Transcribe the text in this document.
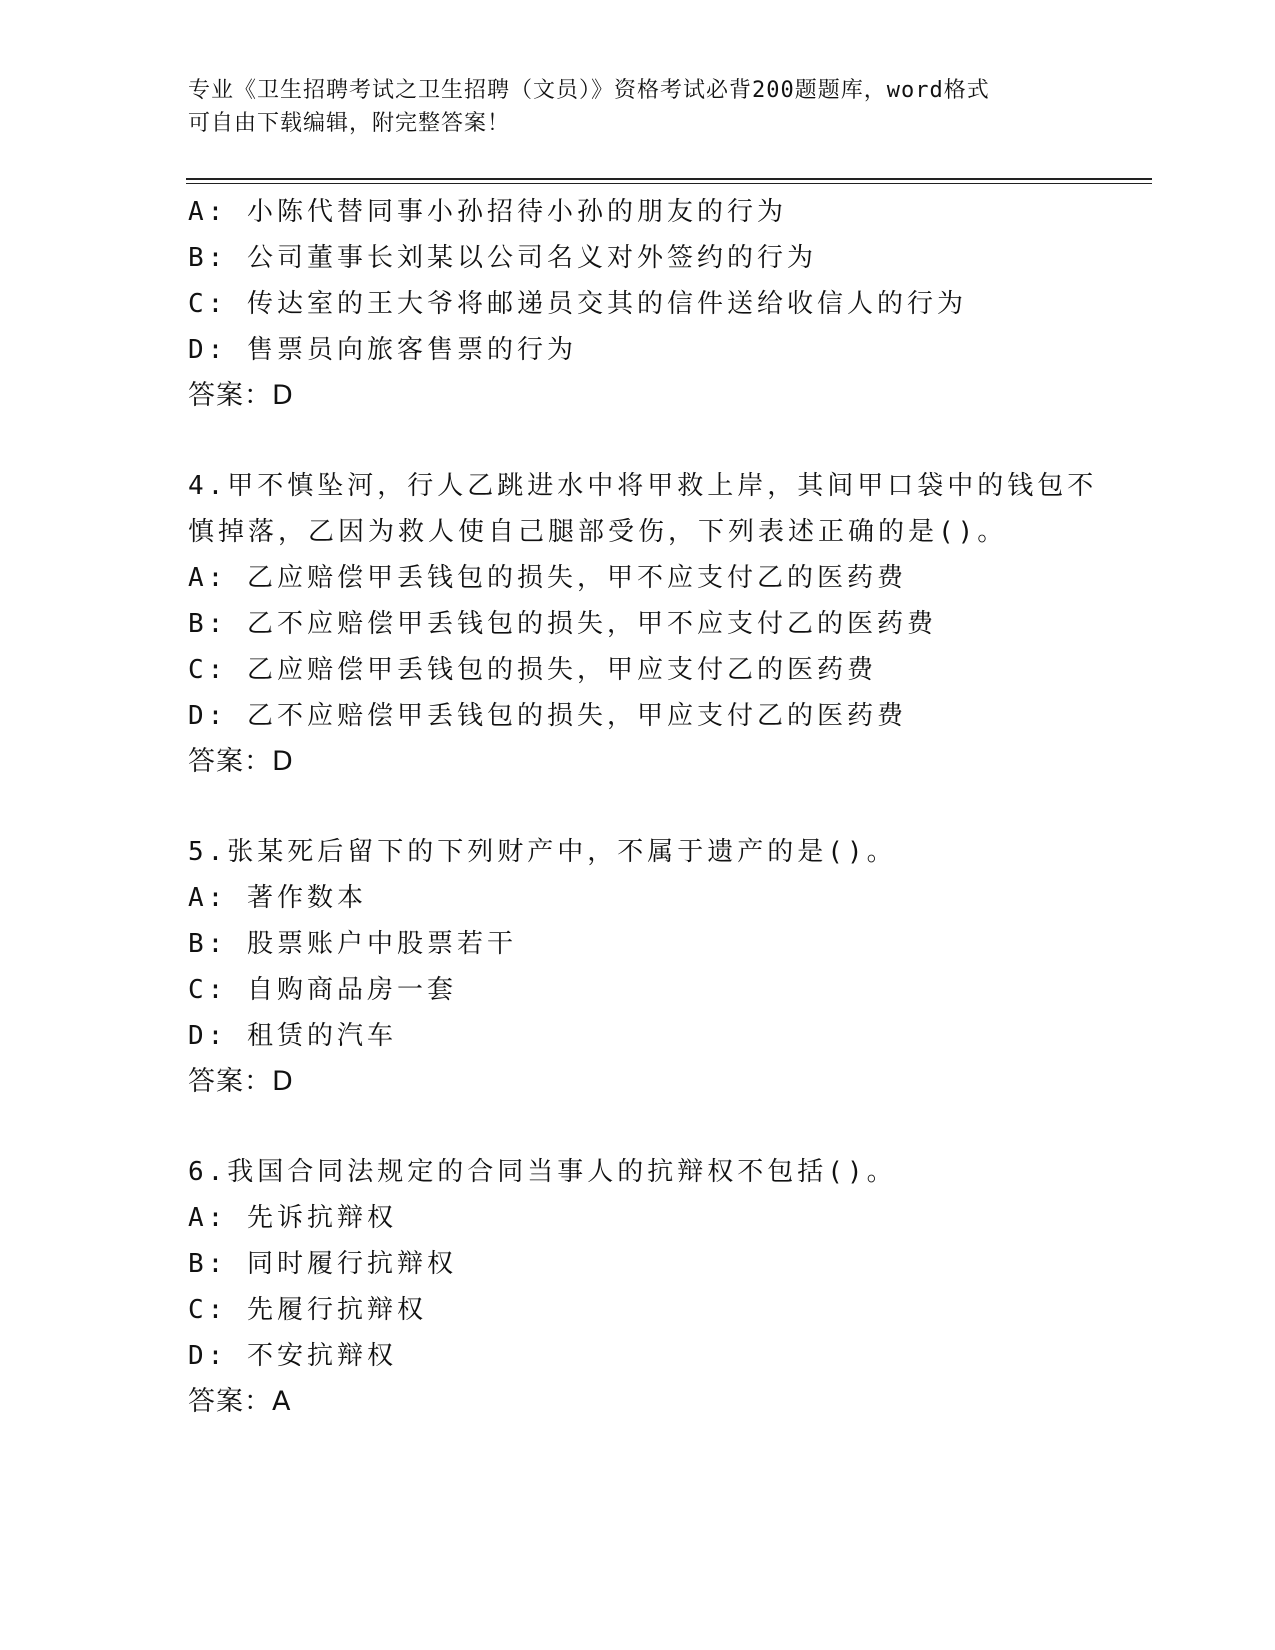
专业《卫生招聘考试之卫生招聘（文员）》资格考试必背200题题库，word格式
可自由下载编辑，附完整答案！
A: 小陈代替同事小孙招待小孙的朋友的行为
B: 公司董事长刘某以公司名义对外签约的行为
C: 传达室的王大爷将邮递员交其的信件送给收信人的行为
D: 售票员向旅客售票的行为
答案：D
4.甲不慎坠河，行人乙跳进水中将甲救上岸，其间甲口袋中的钱包不
慎掉落，乙因为救人使自己腿部受伤，下列表述正确的是()。
A: 乙应赔偿甲丢钱包的损失，甲不应支付乙的医药费
B: 乙不应赔偿甲丢钱包的损失，甲不应支付乙的医药费
C: 乙应赔偿甲丢钱包的损失，甲应支付乙的医药费
D: 乙不应赔偿甲丢钱包的损失，甲应支付乙的医药费
答案：D
5.张某死后留下的下列财产中，不属于遗产的是()。
A: 著作数本
B: 股票账户中股票若干
C: 自购商品房一套
D: 租赁的汽车
答案：D
6.我国合同法规定的合同当事人的抗辩权不包括()。
A: 先诉抗辩权
B: 同时履行抗辩权
C: 先履行抗辩权
D: 不安抗辩权
答案：A
